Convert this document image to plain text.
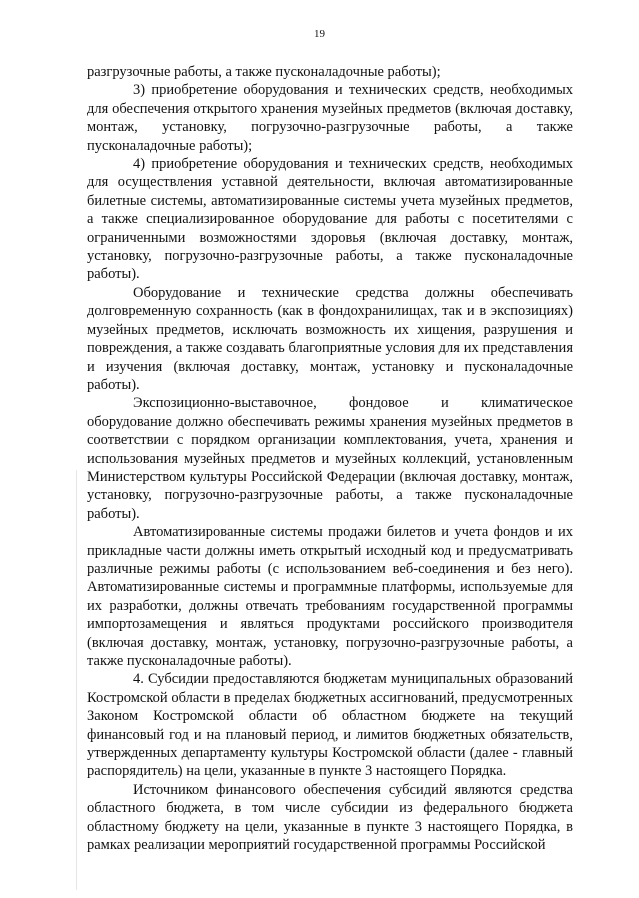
19

разгрузочные работы, а также пусконаладочные работы);

3) приобретение оборудования и технических средств, необходимых для обеспечения открытого хранения музейных предметов (включая доставку, монтаж, установку, погрузочно-разгрузочные работы, а также пусконаладочные работы);

4) приобретение оборудования и технических средств, необходимых для осуществления уставной деятельности, включая автоматизированные билетные системы, автоматизированные системы учета музейных предметов, а также специализированное оборудование для работы с посетителями с ограниченными возможностями здоровья (включая доставку, монтаж, установку, погрузочно-разгрузочные работы, а также пусконаладочные работы).

Оборудование и технические средства должны обеспечивать долговременную сохранность (как в фондохранилищах, так и в экспозициях) музейных предметов, исключать возможность их хищения, разрушения и повреждения, а также создавать благоприятные условия для их представления и изучения (включая доставку, монтаж, установку и пусконаладочные работы).

Экспозиционно-выставочное, фондовое и климатическое оборудование должно обеспечивать режимы хранения музейных предметов в соответствии с порядком организации комплектования, учета, хранения и использования музейных предметов и музейных коллекций, установленным Министерством культуры Российской Федерации (включая доставку, монтаж, установку, погрузочно-разгрузочные работы, а также пусконаладочные работы).

Автоматизированные системы продажи билетов и учета фондов и их прикладные части должны иметь открытый исходный код и предусматривать различные режимы работы (с использованием веб-соединения и без него). Автоматизированные системы и программные платформы, используемые для их разработки, должны отвечать требованиям государственной программы импортозамещения и являться продуктами российского производителя (включая доставку, монтаж, установку, погрузочно-разгрузочные работы, а также пусконаладочные работы).

4. Субсидии предоставляются бюджетам муниципальных образований Костромской области в пределах бюджетных ассигнований, предусмотренных Законом Костромской области об областном бюджете на текущий финансовый год и на плановый период, и лимитов бюджетных обязательств, утвержденных департаменту культуры Костромской области (далее - главный распорядитель) на цели, указанные в пункте 3 настоящего Порядка.

Источником финансового обеспечения субсидий являются средства областного бюджета, в том числе субсидии из федерального бюджета областному бюджету на цели, указанные в пункте 3 настоящего Порядка, в рамках реализации мероприятий государственной программы Российской
